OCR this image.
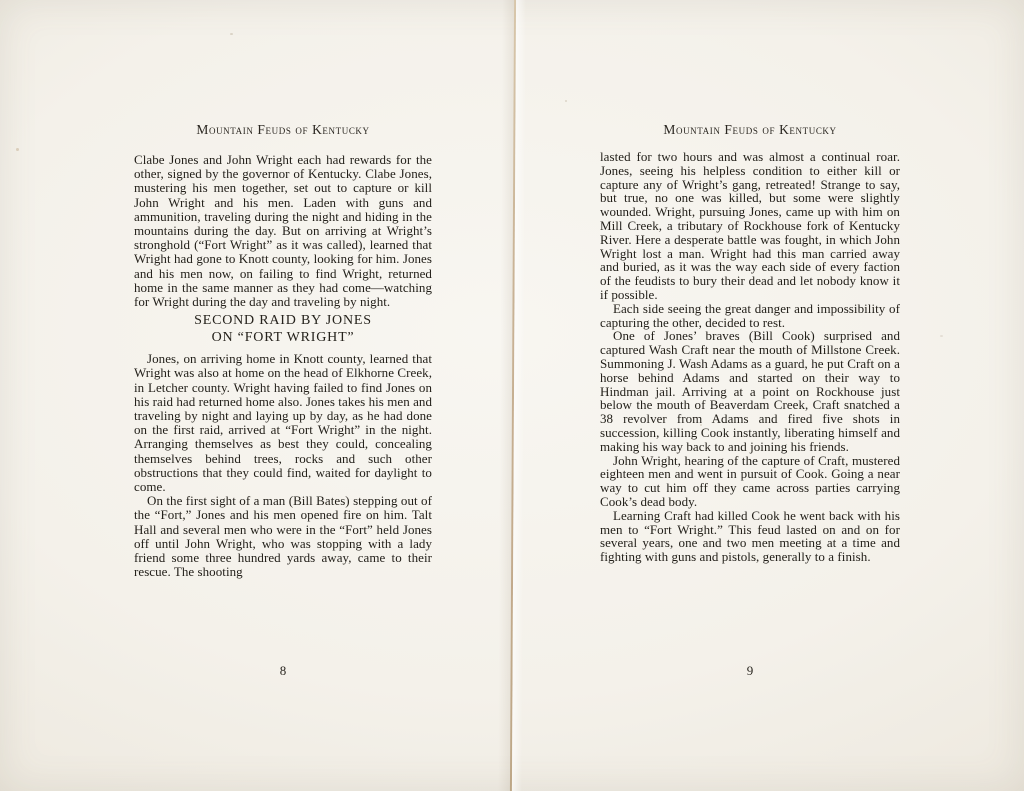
Mountain Feuds of Kentucky

Clabe Jones and John Wright each had rewards for the other, signed by the governor of Kentucky. Clabe Jones, mustering his men together, set out to capture or kill John Wright and his men. Laden with guns and ammunition, traveling during the night and hiding in the mountains during the day. But on arriving at Wright’s stronghold (“Fort Wright” as it was called), learned that Wright had gone to Knott county, looking for him. Jones and his men now, on failing to find Wright, returned home in the same manner as they had come—watching for Wright during the day and traveling by night.

SECOND RAID BY JONES
ON “FORT WRIGHT”

Jones, on arriving home in Knott county, learned that Wright was also at home on the head of Elkhorne Creek, in Letcher county. Wright having failed to find Jones on his raid had returned home also. Jones takes his men and traveling by night and laying up by day, as he had done on the first raid, arrived at “Fort Wright” in the night. Arranging themselves as best they could, concealing themselves behind trees, rocks and such other obstructions that they could find, waited for daylight to come.

On the first sight of a man (Bill Bates) stepping out of the “Fort,” Jones and his men opened fire on him. Talt Hall and several men who were in the “Fort” held Jones off until John Wright, who was stopping with a lady friend some three hundred yards away, came to their rescue. The shooting

8
Mountain Feuds of Kentucky

lasted for two hours and was almost a continual roar. Jones, seeing his helpless condition to either kill or capture any of Wright’s gang, retreated! Strange to say, but true, no one was killed, but some were slightly wounded. Wright, pursuing Jones, came up with him on Mill Creek, a tributary of Rockhouse fork of Kentucky River. Here a desperate battle was fought, in which John Wright lost a man. Wright had this man carried away and buried, as it was the way each side of every faction of the feudists to bury their dead and let nobody know it if possible.

Each side seeing the great danger and impossibility of capturing the other, decided to rest.

One of Jones’ braves (Bill Cook) surprised and captured Wash Craft near the mouth of Millstone Creek. Summoning J. Wash Adams as a guard, he put Craft on a horse behind Adams and started on their way to Hindman jail. Arriving at a point on Rockhouse just below the mouth of Beaverdam Creek, Craft snatched a 38 revolver from Adams and fired five shots in succession, killing Cook instantly, liberating himself and making his way back to and joining his friends.

John Wright, hearing of the capture of Craft, mustered eighteen men and went in pursuit of Cook. Going a near way to cut him off they came across parties carrying Cook’s dead body.

Learning Craft had killed Cook he went back with his men to “Fort Wright.” This feud lasted on and on for several years, one and two men meeting at a time and fighting with guns and pistols, generally to a finish.

9
